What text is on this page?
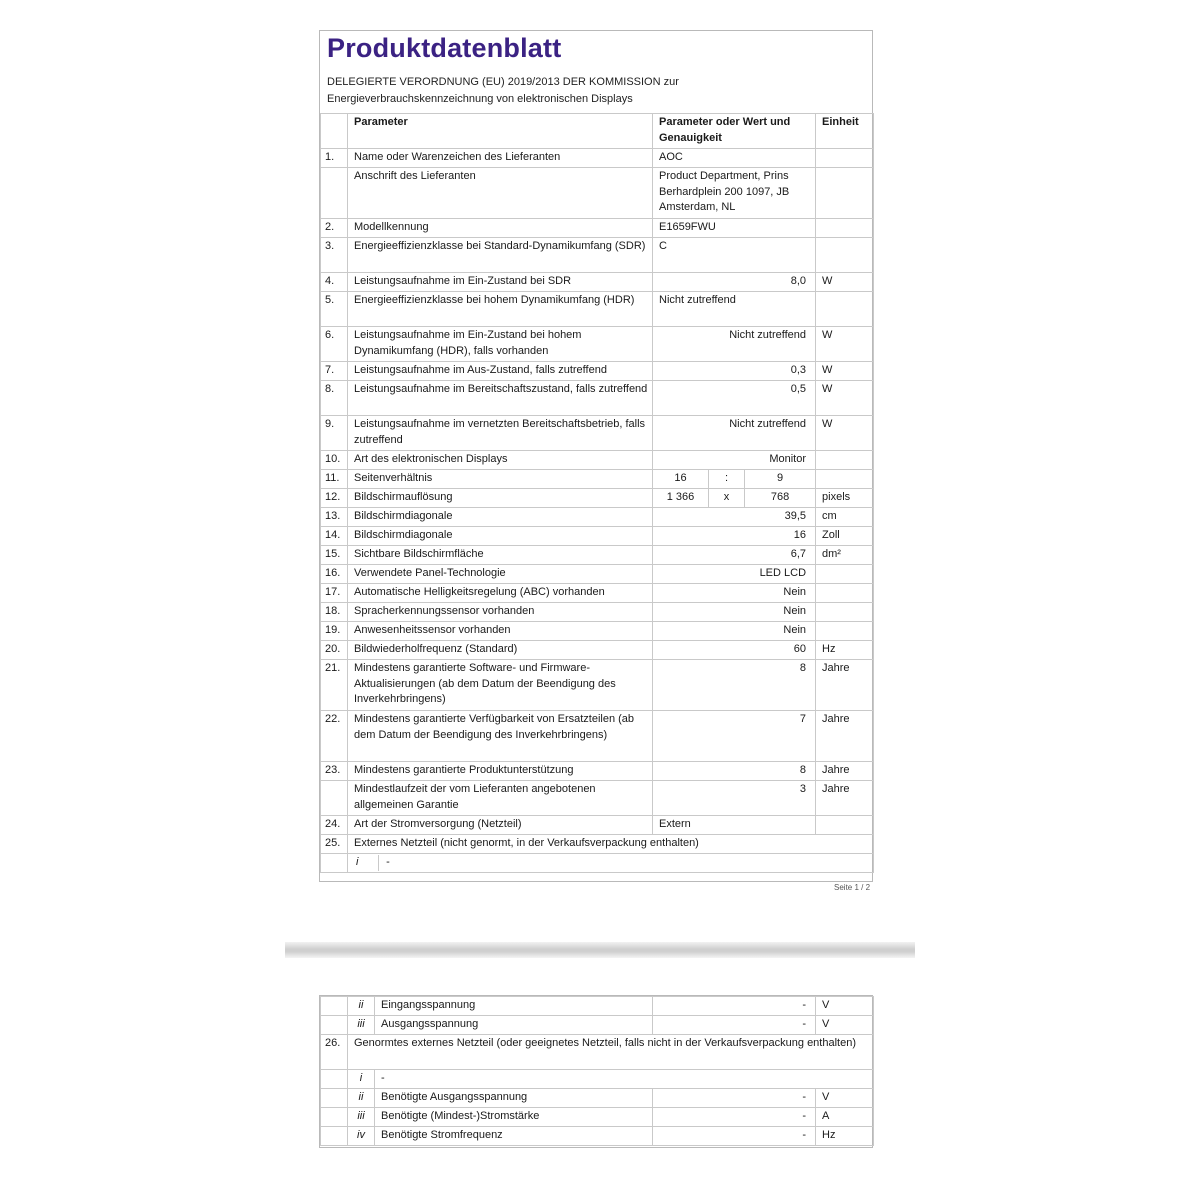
Produktdatenblatt
DELEGIERTE VERORDNUNG (EU) 2019/2013 DER KOMMISSION zur
Energieverbrauchskennzeichnung von elektronischen Displays
	Parameter	Parameter oder Wert und Genauigkeit			Einheit
1.	Name oder Warenzeichen des Lieferanten	AOC			
	Anschrift des Lieferanten	Product Department, Prins Berhardplein 200 1097, JB Amsterdam, NL			
2.	Modellkennung	E1659FWU			
3.	Energieeffizienzklasse bei Standard-Dynamikumfang (SDR)	C			
4.	Leistungsaufnahme im Ein-Zustand bei SDR	8,0			W
5.	Energieeffizienzklasse bei hohem Dynamikumfang (HDR)	Nicht zutreffend			
6.	Leistungsaufnahme im Ein-Zustand bei hohem Dynamikumfang (HDR), falls vorhanden	Nicht zutreffend			W
7.	Leistungsaufnahme im Aus-Zustand, falls zutreffend	0,3			W
8.	Leistungsaufnahme im Bereitschaftszustand, falls zutreffend	0,5			W
9.	Leistungsaufnahme im vernetzten Bereitschaftsbetrieb, falls zutreffend	Nicht zutreffend			W
10.	Art des elektronischen Displays	Monitor			
11.	Seitenverhältnis	16	:	9	
12.	Bildschirmauflösung	1 366	x	768	pixels
13.	Bildschirmdiagonale	39,5			cm
14.	Bildschirmdiagonale	16			Zoll
15.	Sichtbare Bildschirmfläche	6,7			dm²
16.	Verwendete Panel-Technologie	LED LCD			
17.	Automatische Helligkeitsregelung (ABC) vorhanden	Nein			
18.	Spracherkennungssensor vorhanden	Nein			
19.	Anwesenheitssensor vorhanden	Nein			
20.	Bildwiederholfrequenz (Standard)	60			Hz
21.	Mindestens garantierte Software- und Firmware-Aktualisierungen (ab dem Datum der Beendigung des Inverkehrbringens)	8			Jahre
22.	Mindestens garantierte Verfügbarkeit von Ersatzteilen (ab dem Datum der Beendigung des Inverkehrbringens)	7			Jahre
23.	Mindestens garantierte Produktunterstützung	8			Jahre
	Mindestlaufzeit der vom Lieferanten angebotenen allgemeinen Garantie	3			Jahre
24.	Art der Stromversorgung (Netzteil)	Extern			
25.	Externes Netzteil (nicht genormt, in der Verkaufsverpackung enthalten)				
	i -				
Seite 1 / 2
	ii	Eingangsspannung	-	V
	iii	Ausgangsspannung	-	V
26.	Genormtes externes Netzteil (oder geeignetes Netzteil, falls nicht in der Verkaufsverpackung enthalten)			
	i	-		
	ii	Benötigte Ausgangsspannung	-	V
	iii	Benötigte (Mindest-)Stromstärke	-	A
	iv	Benötigte Stromfrequenz	-	Hz
